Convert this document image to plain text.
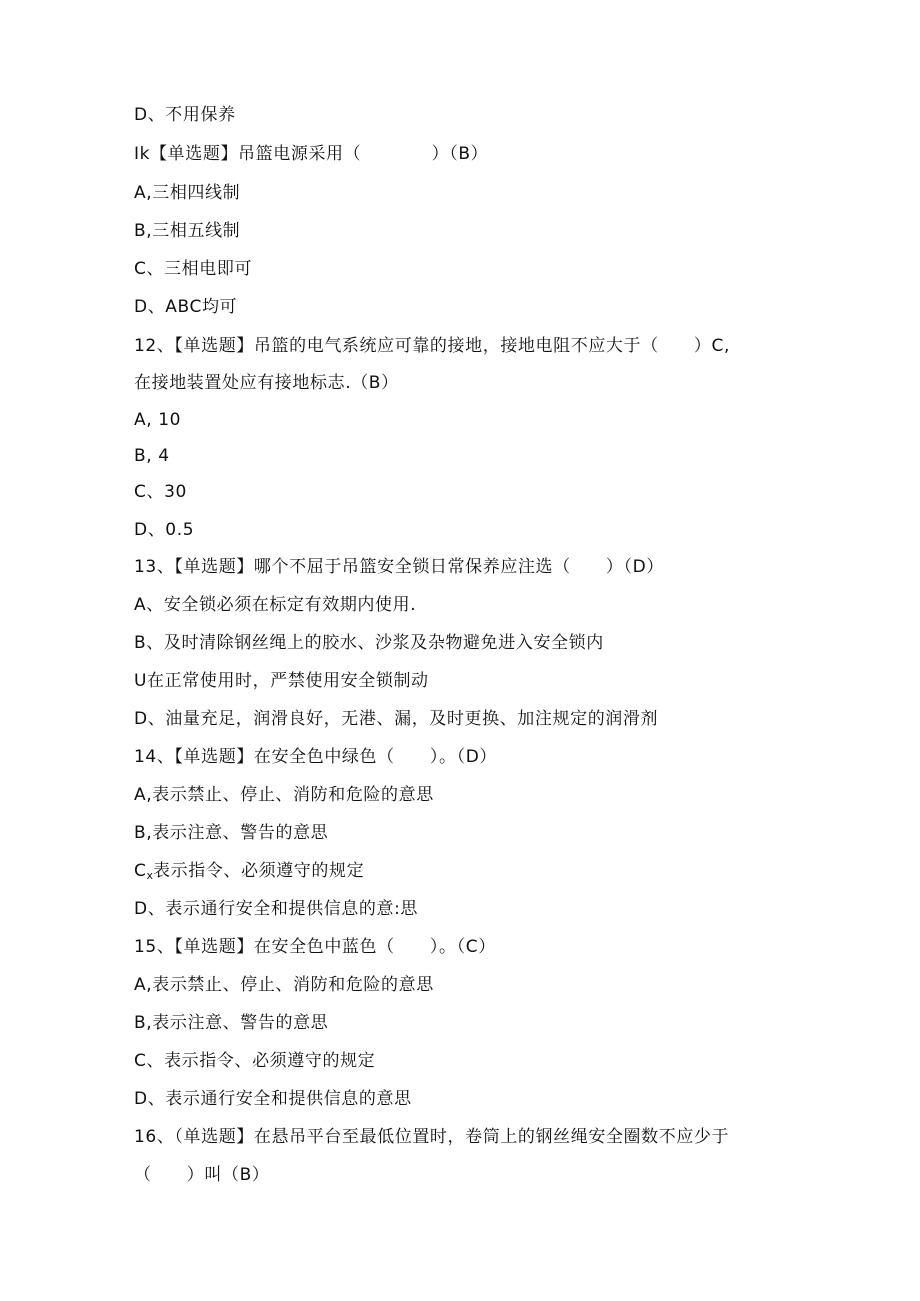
D、不用保养
Ik【单选题】吊篮电源采用（　　　　）（B）
A,三相四线制
B,三相五线制
C、三相电即可
D、ABC均可
12、【单选题】吊篮的电气系统应可靠的接地，接地电阻不应大于（　　）C,
在接地装置处应有接地标志.（B）
A, 10
B, 4
C、30
D、0.5
13、【单选题】哪个不屈于吊篮安全锁日常保养应注选（　　）（D）
A、安全锁必须在标定有效期内使用.
B、及时清除钢丝绳上的胶水、沙浆及杂物避免进入安全锁内
U在正常使用时，严禁使用安全锁制动
D、油量充足，润滑良好，无港、漏，及时更换、加注规定的润滑剂
14、【单选题】在安全色中绿色（　　）。（D）
A,表示禁止、停止、消防和危险的意思
B,表示注意、警告的意思
$C_x$表示指令、必须遵守的规定
D、表示通行安全和提供信息的意:思
15、【单选题】在安全色中蓝色（　　）。（C）
A,表示禁止、停止、消防和危险的意思
B,表示注意、警告的意思
C、表示指令、必须遵守的规定
D、表示通行安全和提供信息的意思
16、（单选题】在悬吊平台至最低位置时，卷筒上的钢丝绳安全圈数不应少于
（　　）叫（B）
